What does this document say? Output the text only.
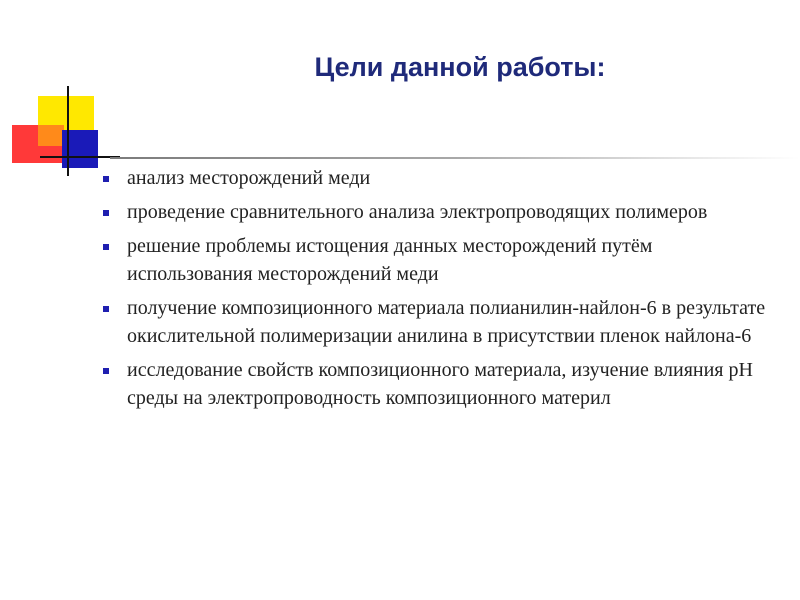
Цели данной работы:
анализ месторождений меди
проведение сравнительного анализа электропроводящих полимеров
решение проблемы истощения данных месторождений путём использования месторождений меди
получение композиционного материала полианилин-найлон-6 в результате окислительной полимеризации анилина в присутствии пленок найлона-6
исследование свойств композиционного материала, изучение влияния pH среды на электропроводность композиционного материл
